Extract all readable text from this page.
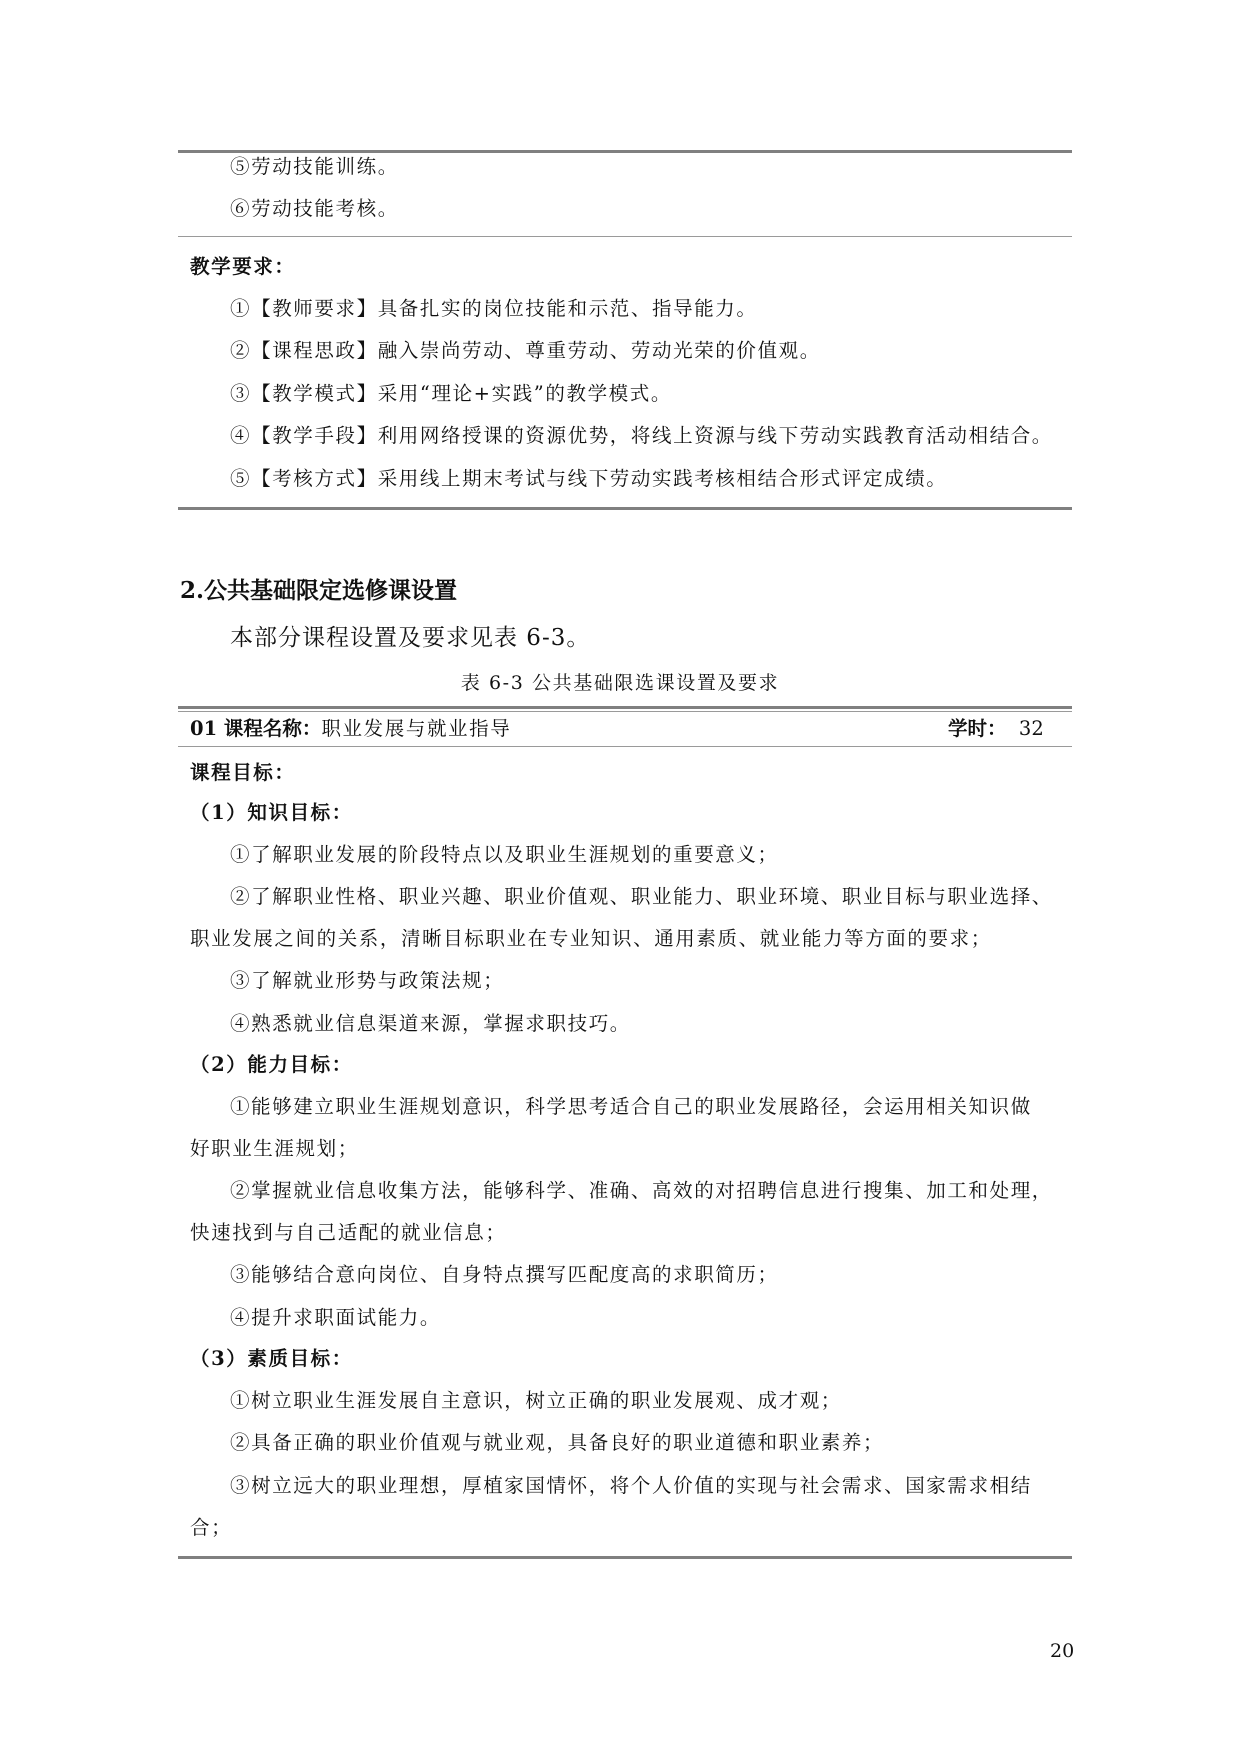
⑤劳动技能训练。
⑥劳动技能考核。
教学要求：
①【教师要求】具备扎实的岗位技能和示范、指导能力。
②【课程思政】融入崇尚劳动、尊重劳动、劳动光荣的价值观。
③【教学模式】采用“理论+实践”的教学模式。
④【教学手段】利用网络授课的资源优势，将线上资源与线下劳动实践教育活动相结合。
⑤【考核方式】采用线上期末考试与线下劳动实践考核相结合形式评定成绩。
2.公共基础限定选修课设置
本部分课程设置及要求见表 6-3。
表 6-3 公共基础限选课设置及要求
01 课程名称：职业发展与就业指导	学时： 32
课程目标：
（1）知识目标：
①了解职业发展的阶段特点以及职业生涯规划的重要意义；
②了解职业性格、职业兴趣、职业价值观、职业能力、职业环境、职业目标与职业选择、
职业发展之间的关系，清晰目标职业在专业知识、通用素质、就业能力等方面的要求；
③了解就业形势与政策法规；
④熟悉就业信息渠道来源，掌握求职技巧。
（2）能力目标：
①能够建立职业生涯规划意识，科学思考适合自己的职业发展路径，会运用相关知识做
好职业生涯规划；
②掌握就业信息收集方法，能够科学、准确、高效的对招聘信息进行搜集、加工和处理，
快速找到与自己适配的就业信息；
③能够结合意向岗位、自身特点撰写匹配度高的求职简历；
④提升求职面试能力。
（3）素质目标：
①树立职业生涯发展自主意识，树立正确的职业发展观、成才观；
②具备正确的职业价值观与就业观，具备良好的职业道德和职业素养；
③树立远大的职业理想，厚植家国情怀，将个人价值的实现与社会需求、国家需求相结
合；
20
